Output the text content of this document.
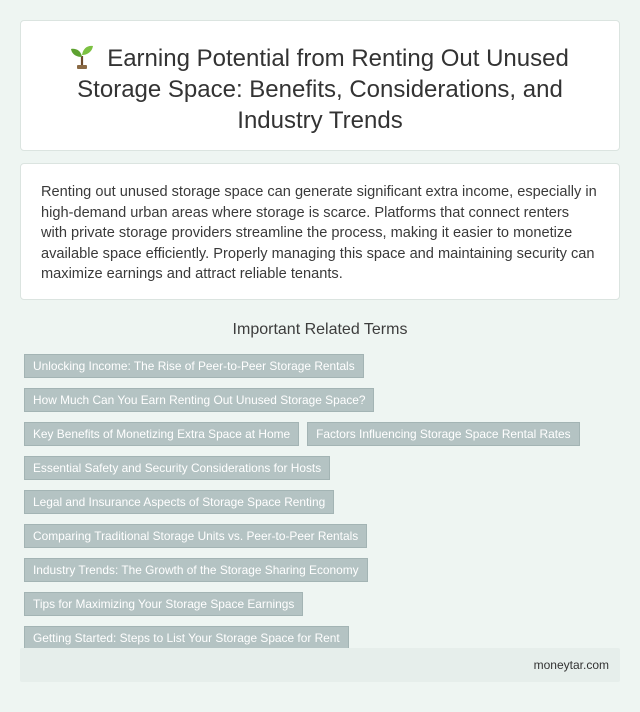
Earning Potential from Renting Out Unused Storage Space: Benefits, Considerations, and Industry Trends

Renting out unused storage space can generate significant extra income, especially in high-demand urban areas where storage is scarce. Platforms that connect renters with private storage providers streamline the process, making it easier to monetize available space efficiently. Properly managing this space and maintaining security can maximize earnings and attract reliable tenants.

Important Related Terms
Unlocking Income: The Rise of Peer-to-Peer Storage Rentals
How Much Can You Earn Renting Out Unused Storage Space?
Key Benefits of Monetizing Extra Space at Home	Factors Influencing Storage Space Rental Rates
Essential Safety and Security Considerations for Hosts
Legal and Insurance Aspects of Storage Space Renting
Comparing Traditional Storage Units vs. Peer-to-Peer Rentals
Industry Trends: The Growth of the Storage Sharing Economy
Tips for Maximizing Your Storage Space Earnings
Getting Started: Steps to List Your Storage Space for Rent
moneytar.com
